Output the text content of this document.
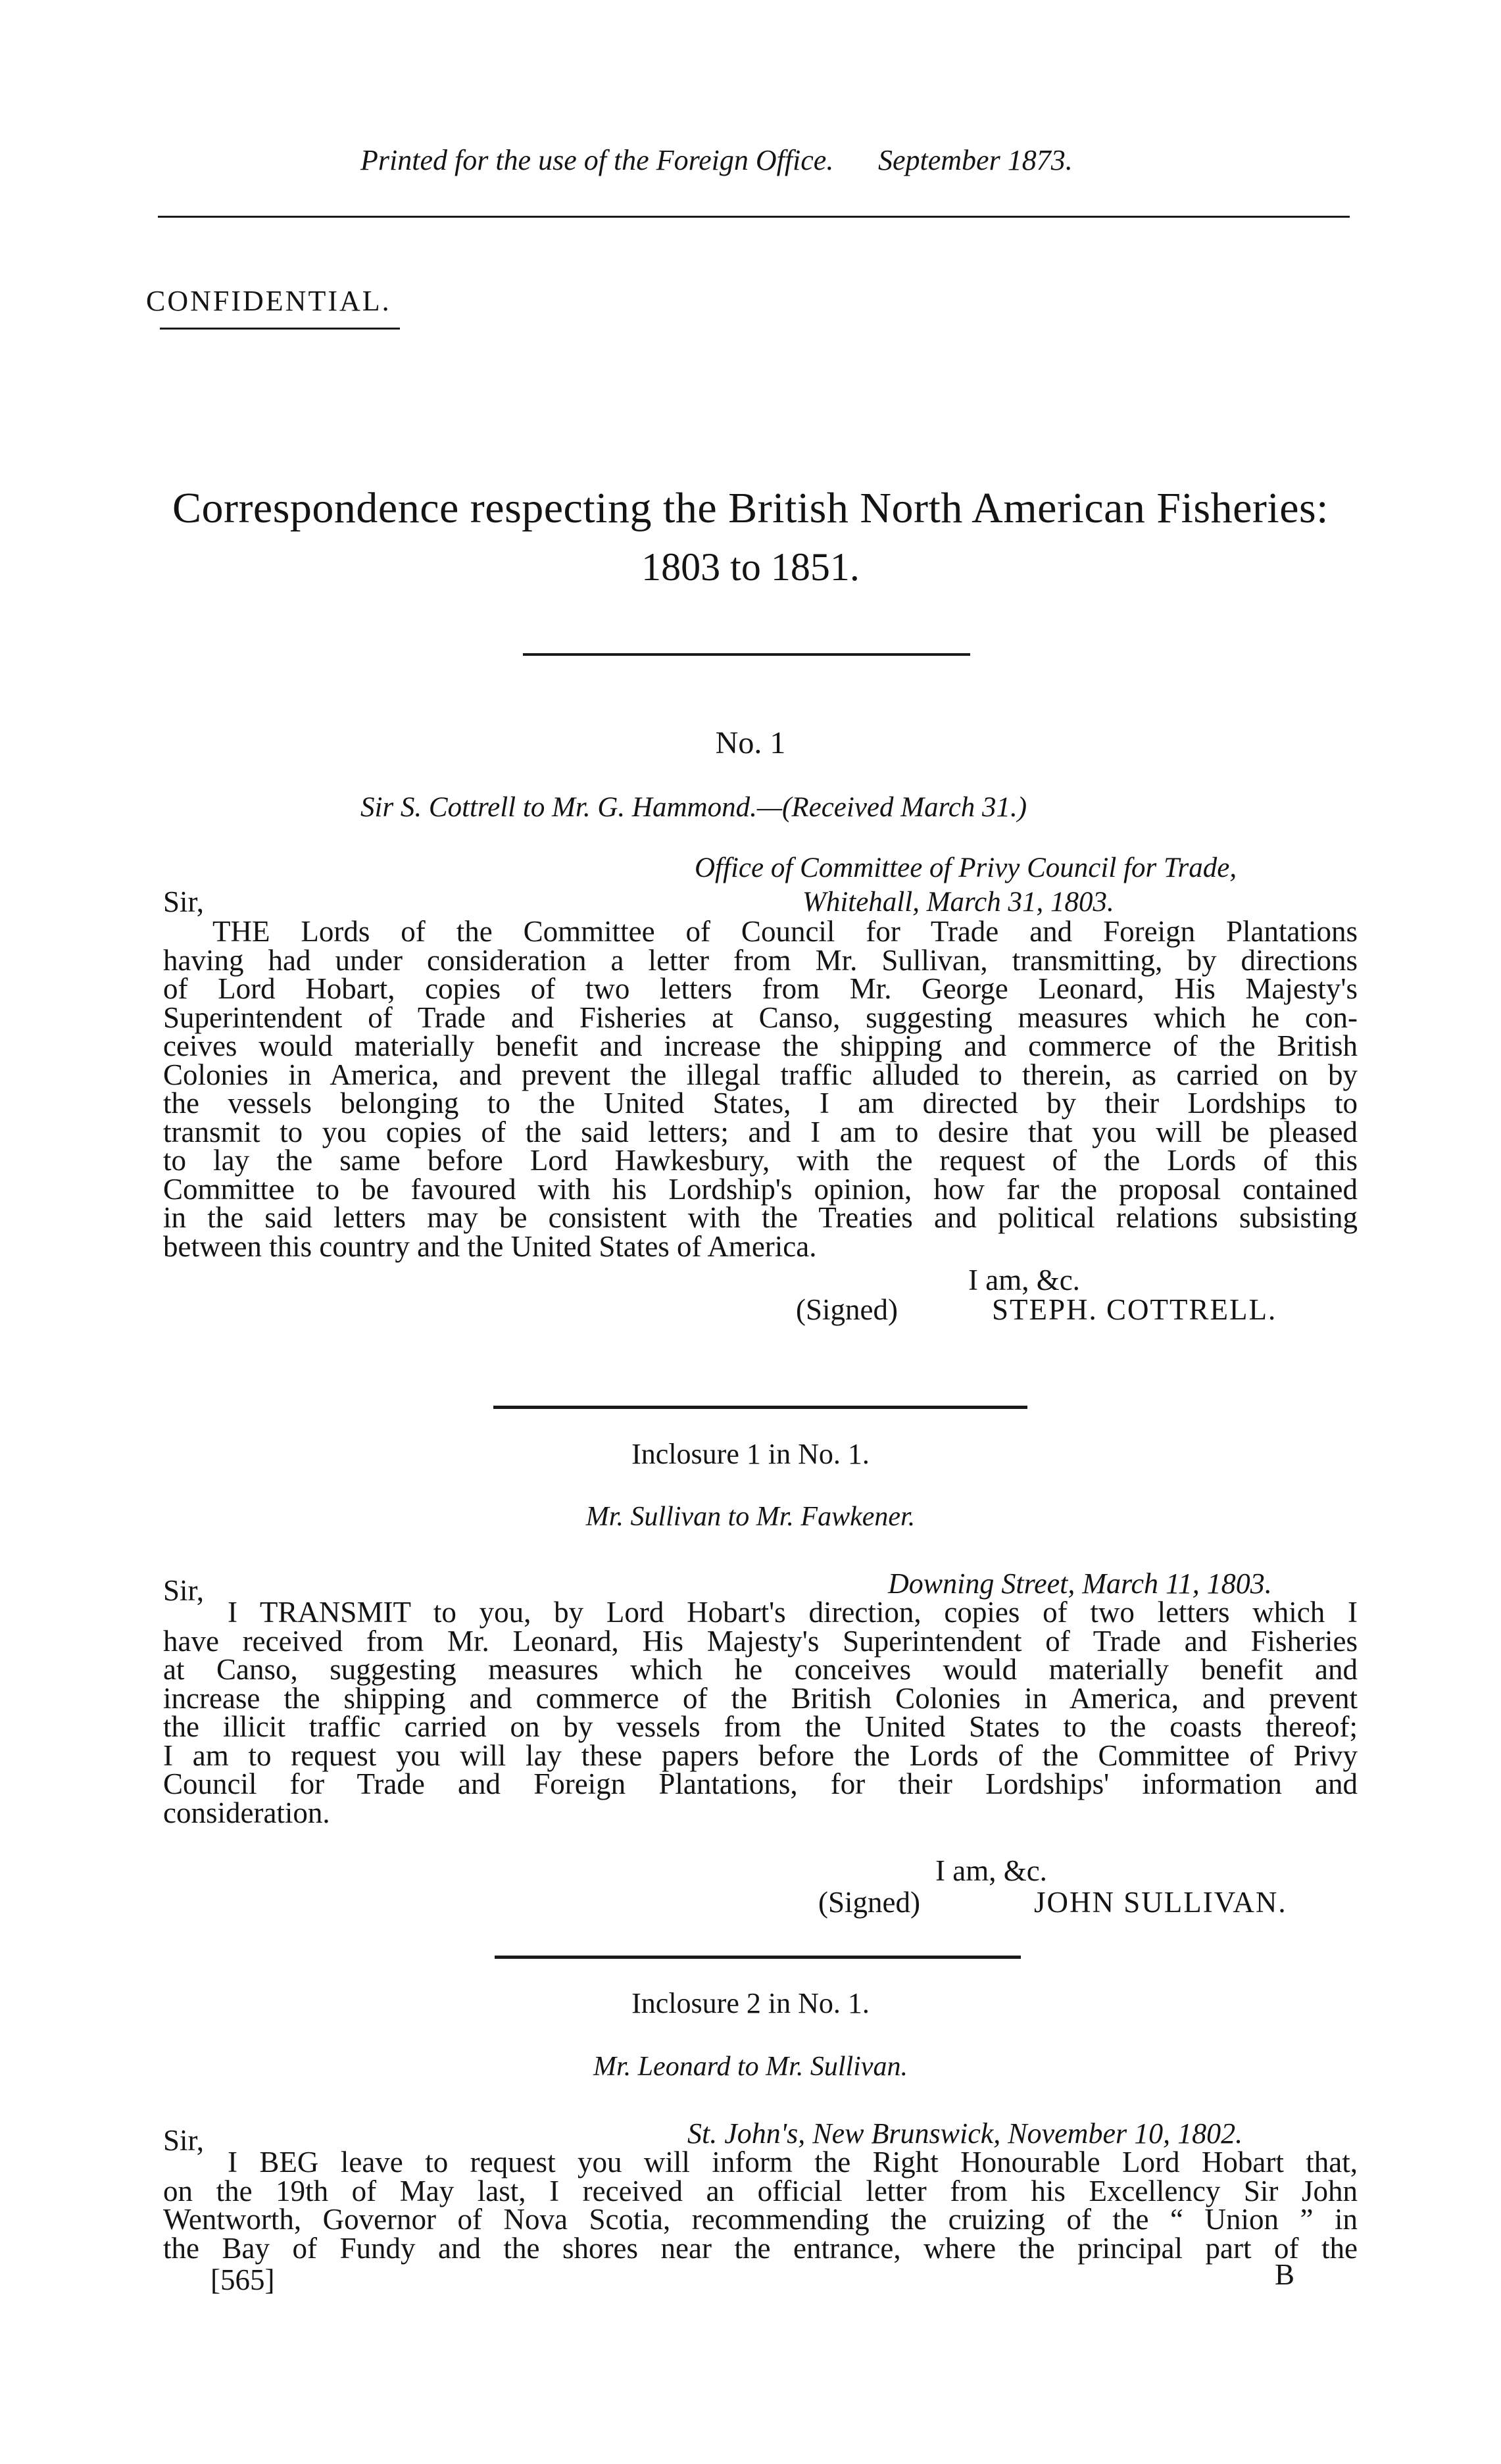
Printed for the use of the Foreign Office. September 1873.
CONFIDENTIAL.
Correspondence respecting the British North American Fisheries:
1803 to 1851.
No. 1
Sir S. Cottrell to Mr. G. Hammond.—(Received March 31.)
Office of Committee of Privy Council for Trade,
Sir,	Whitehall, March 31, 1803.
THE Lords of the Committee of Council for Trade and Foreign Plantations
having had under consideration a letter from Mr. Sullivan, transmitting, by directions
of Lord Hobart, copies of two letters from Mr. George Leonard, His Majesty's
Superintendent of Trade and Fisheries at Canso, suggesting measures which he con-
ceives would materially benefit and increase the shipping and commerce of the British
Colonies in America, and prevent the illegal traffic alluded to therein, as carried on by
the vessels belonging to the United States, I am directed by their Lordships to
transmit to you copies of the said letters; and I am to desire that you will be pleased
to lay the same before Lord Hawkesbury, with the request of the Lords of this
Committee to be favoured with his Lordship's opinion, how far the proposal contained
in the said letters may be consistent with the Treaties and political relations subsisting
between this country and the United States of America.
I am, &c.
(Signed)	STEPH. COTTRELL.
Inclosure 1 in No. 1.
Mr. Sullivan to Mr. Fawkener.
Sir,	Downing Street, March 11, 1803.
I TRANSMIT to you, by Lord Hobart's direction, copies of two letters which I
have received from Mr. Leonard, His Majesty's Superintendent of Trade and Fisheries
at Canso, suggesting measures which he conceives would materially benefit and
increase the shipping and commerce of the British Colonies in America, and prevent
the illicit traffic carried on by vessels from the United States to the coasts thereof;
I am to request you will lay these papers before the Lords of the Committee of Privy
Council for Trade and Foreign Plantations, for their Lordships' information and
consideration.
I am, &c.
(Signed)	JOHN SULLIVAN.
Inclosure 2 in No. 1.
Mr. Leonard to Mr. Sullivan.
Sir,	St. John's, New Brunswick, November 10, 1802.
I BEG leave to request you will inform the Right Honourable Lord Hobart that,
on the 19th of May last, I received an official letter from his Excellency Sir John
Wentworth, Governor of Nova Scotia, recommending the cruizing of the “ Union ” in
the Bay of Fundy and the shores near the entrance, where the principal part of the
[565]	B
